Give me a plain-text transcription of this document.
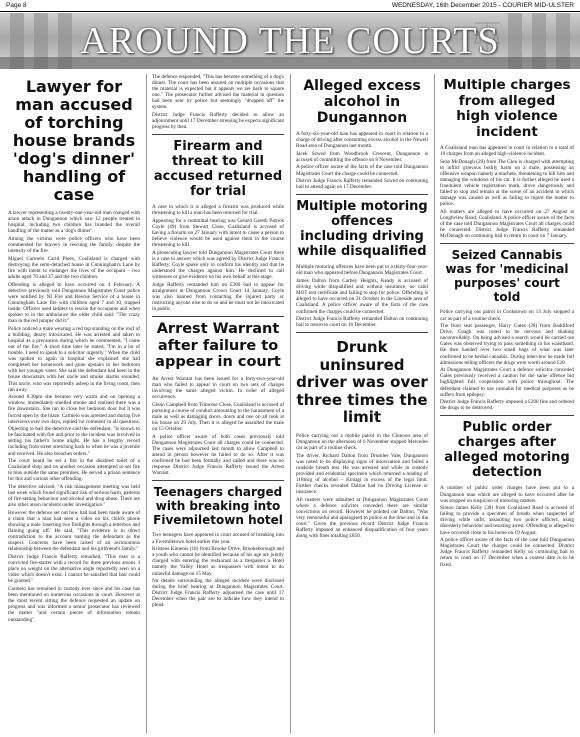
Page 8	WEDNESDAY, 16th December 2015 - COURIER MID-ULSTER
AROUND THE COURTS
Lawyer for man accused of torching house brands 'dog's dinner' handling of case

A lawyer representing a twenty-one-year-old man charged with arson attack in Dungannon which saw 12 people treated in hospital, including two children has branded the overall handling of the matter as a 'dog's dinner'.

Among the victims were police officers who have been commended for bravery in rescuing the family, despite the intensity of the fire.

Miguel Carmelo Carid Ploes, Coalisland is charged with destroying the semi-detached house in Cunningham's Lane by fire with intent to endanger the lives of the occupant – two adults aged 70 and 37 and the two children.

Offending is alleged to have occurred on 4 February. A detective previously told Dungannon Magistrates Court police were notified by NI Fire and Rescue Service of a house in Cunningham Lane fire with children aged 7 and 10, trapped inside. Officers used ladders to rescue the occupants and when spoken to in the ambulance the older child said: "The crazy man in the red jumper did it."

Police noticed a male wearing a red top standing on the roof of a building, dearly intoxicated. He was arrested and taken to hospital as a precaution during which he commented, "I came out of the fire." A short time later he stated, "I'm in a lot of trouble. I need to speak to a solicitor urgently." When the child was spoken to again in hospital she explained she had completed her homework and gone upstairs to her bedroom with her younger sister. She said the defendant had been in the house downstairs with her uncle and smoke alarms sounded. This uncle, who was reportedly asleep in the living room, then ran away.

Around 8.30pm she became very warm and on opening a window, immediately smelled smoke and realised there was a fire downstairs. She ran to close her bedroom door but it was forced open by the blaze. Carmelo was arrested and during five interviews over two days, replied 'no comment' to all questions.

Objecting to bail the detective said the defendant, "Is known to be fascinated with fire and prior to the incident was involved in setting his father's home alight. He has a lengthy record including from street stretching back to when he was a juvenile and received. He also breaches orders."

The court heard he set a fire in the disabled toilet of a Coalisland shop and on another occasion attempted to set fire to bins outside the same premises. He served a prison sentence for this and various other offending.

The detective advised, "A risk management meeting was held last week which found significant risk of serious harm, patterns of fire-setting behaviour and alcohol and drug abuse. There are also other arson incidents under investigation."

However the defence set out how bail had been made aware of a claim that a man had seen a video on his child's phone showing a male 'inserting two firelights through a letterbox and flaming going off.' He said, "This evidence is in direct contradiction to the account naming the defendant as the suspect. Concerns have been raised of an acrimonious relationship between the defendant and his girlfriend's family."

District Judge Francis Rafferty remarked, "This man is a convicted fire-starter with a record for three previous arsons. I place no weight on the alternative angle reportedly seen on a video which doesn't exist. I cannot be satisfied that bail could be granted."

Carmelo has remained in custody ever since and his case has been mentioned on numerous occasions in court. However at the most recent sitting the defence requested an update on progress and was informed a senior prosecutor has reviewed the matter "and certain pieces of information remain outstanding".

The defence responded, "This has become something of a dog's dinner. The court has been assured on multiple occasions that the material is expected but it appears we are back to square one." The prosecutor further advised the material in question had been sent by police but seemingly "dropped off" the system.

District Judge Francis Rafferty decided to allow an adjournment until 17 December stressing he expects significant progress by then.

Firearm and threat to kill accused returned for trial

A case in which it is alleged a firearm was produced while threatening to kill a man has been returned for trial.

Appearing for a committal hearing was Gerard Gareth Patrick Coyle (49) from Stewart Close, Coalisland is accused of having a firearm on 27 January with intent to cause a person to believe violence would be used against them in the course threatening to kill.

A prosecuting lawyer told Dungannon Magistrates Court there is a case to answer which was agreed by District Judge Francis Rafferty. Coyle spoke only to confirm his identity and that he understood the charges against him. He declined to call witnesses or give evidence on his own behalf at this stage.

Judge Rafferty remanded him on £300 bail to appear for arraignment at Dungannon Crown Court 14 January. Coyle was also banned from contacting the injured party or instructing anyone else to do so and he must not be intoxicated in public.

Arrest Warrant after failure to appear in court

An Arrest Warrant has been issued for a forty-two-year-old man who failed to appear in court on two sets of charges involving the same alleged victim. In order of alleged occurrence.

Glenn Campbell from Trimrose Close, Coalisland is accused of pursuing a course of conduct amounting to the harassment of a male as well as damaging doors, doors and one on all took at his house on 29 July. Then it is alleged he assaulted the male on 15 October.

A police officer aware of both cases previously told Dungannon Magistrates Court all charges could be connected. The cases were adjourned last month to allow Campbell to attend in person however he failed to do so. After it was confirmed he had been formally and called and there was no response District Judge Francis Rafferty issued the Arrest Warrant.

Teenagers charged with breaking into Fivemiletown hotel

Two teenagers have appeared in court accused of breaking into a Fivemiletown hotel earlier this year.

Kristens Kimenis (18) from Brooke Drive, Brookeborough and a youth who cannot be identified because of his age are jointly charged with entering the restaurant as a trespasser a Hotel namely the Valley Hotel as trespassers with intent to do unlawful damage on 15 May.

No details surrounding the alleged incident were disclosed during the brief hearing at Dungannon Magistrates Court. District Judge Francis Rafferty adjourned the case until 17 December when the pair are to indicate how they intend to plead.

Alleged excess alcohol in Dungannon

A forty-six-year-old man has appeared in court in relation to a charge of driving after consuming excess alcohol in the Newell Road area of Dungannon last month.

Jacek Szwed from Woodbrook Crescent, Dungannon is accused of committing the offence on 8 November.

A police officer aware of the facts of the case told Dungannon Magistrates Court the charge could be connected.

District Judge Francis Rafferty remanded Szwed on continuing bail to attend again on 17 December.

Multiple motoring offences including driving while disqualified

Multiple motoring offences have been put to a thirty-four-year-old man who appeared before Dungannon Magistrates Court.

James Dalton from Carbey Heights, Keady is accused of driving while disqualified and without insurance, no valid MOT test certificate and failing to stop for police. Offending is alleged to have occurred on 31 October in the Lineside area of Coalisland. A police officer aware of the facts of the case confirmed the charges could be connected.

District Judge Francis Rafferty remanded Dalton on continuing bail to return to court on 16 December.

Drunk uninsured driver was over three times the limit

Police carrying out a mobile patrol in the Clonoon area of Dungannon on the afternoon of 6 November stopped Mercedes car as part of a routine check.

The driver, Richard Dalton from Drumlee Vale, Dungannon was noted to be displaying signs of intoxication and failed a roadside breath test. He was arrested and while in custody provided and evidential specimen which returned a reading of 118mcg of alcohol – Konagi in excess of the legal limit. Further checks revealed Dalton had no Driving License or insurance.

All matters were admitted at Dungannon Magistrates Court where a defence solicitor conceded there are similar convictions on record. However he pointed out Dalton, "Was very remorseful and apologised to police at the time and in the court." Given the previous record District Judge Francis Rafferty imposed an enhanced disqualification of four years along with fines totalling £850.

Multiple charges from alleged high violence incident

A Coalisland man has appeared in court in relation to a total of 10 charges from an alleged high-violence incident.

Sean McDonagh (29) from The Glen is charged with attempting to inflict grievous bodily harm on a male, possessing an offensive weapon namely a machete, threatening to kill him and damaging the windows of his car. It is further alleged he used a fraudulent vehicle registration mark, drove dangerously and failed to stop and remain at the scene of an accident in which damage was caused as well as failing to report the matter to police.

All matters are alleged to have occurred on 27 August at Loughview Road, Coalisland. A police officer aware of the facts of the case told Dungannon Magistrates Court all charges could be connected. District Judge Francis Rafferty remanded McDonagh on continuing bail to return to court on 7 January.

Seized Cannabis was for 'medicinal purposes' court told

Police carrying out patrol in Cookstown on 13 July stopped a car as part of a routine check.

The front seat passenger, Harry Gates (28) from Baddiford Drive, Coagh was noted to be nervous and shaking uncontrollably. On being advised a search would be carried out Gates was observed trying to pass something in his waistband. He then handed over two small bags of what was later confirmed to be herbal cannabis. During interview he made full admissions telling officers the drugs were worth around £20.

At Dungannon Magistrates Court a defence solicitor conceded Gates previously received a caution for the same offence but highlighted full cooperation with police throughout. The defendant claimed to use cannabis for medical purposes as he suffers from epilepsy.

District Judge Francis Rafferty imposed a £200 fine and ordered the drugs to be destroyed.

Public order charges after alleged motoring detection

A number of public order charges have been put to a Dungannon man which are alleged to have occurred after he was stopped on suspicion of motoring matters.

Simon James Kelly (38) from Coalisland Road is accused of failing to provide a specimen of breath when suspected of driving while unfit, assaulting two police officers, using disorderly behaviour and resisting arrest. Offending is alleged to have occurred close to his home on 19 August.

A police officer aware of the facts of the case told Dungannon Magistrates Court the charges could be connected. District Judge Francis Rafferty remanded Kelly on continuing bail to return to court on 17 December when a contest date is to be fixed.
